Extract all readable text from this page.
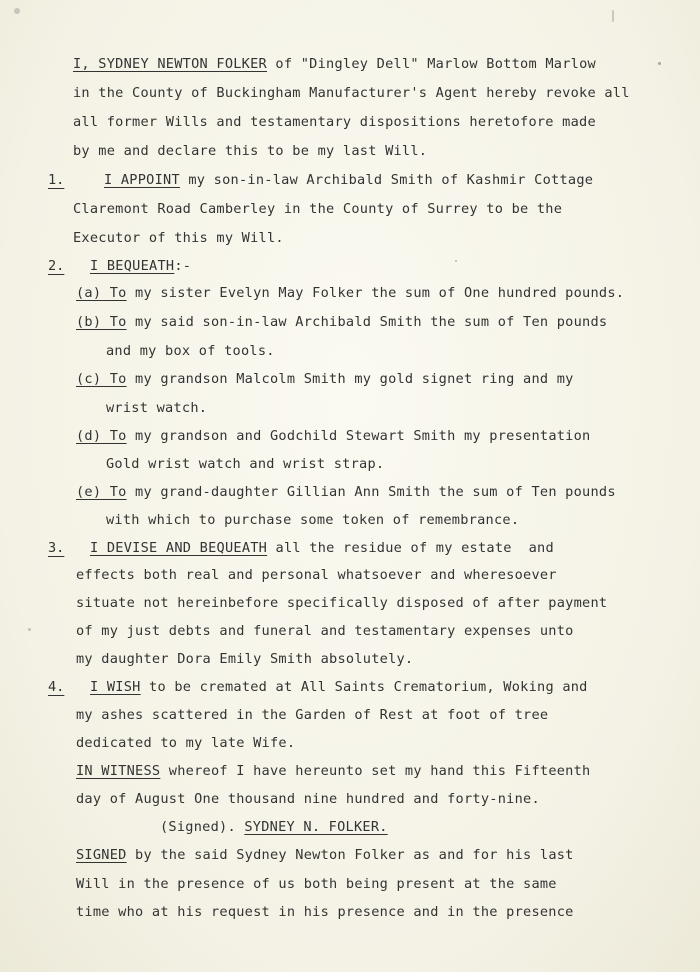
I, SYDNEY NEWTON FOLKER of "Dingley Dell" Marlow Bottom Marlow
in the County of Buckingham Manufacturer's Agent hereby revoke all
all former Wills and testamentary dispositions heretofore made
by me and declare this to be my last Will.
1.	I APPOINT my son-in-law Archibald Smith of Kashmir Cottage
Claremont Road Camberley in the County of Surrey to be the
Executor of this my Will.
2. I BEQUEATH:-
(a) To my sister Evelyn May Folker the sum of One hundred pounds.
(b) To my said son-in-law Archibald Smith the sum of Ten pounds
and my box of tools.
(c) To my grandson Malcolm Smith my gold signet ring and my
wrist watch.
(d) To my grandson and Godchild Stewart Smith my presentation
Gold wrist watch and wrist strap.
(e) To my grand-daughter Gillian Ann Smith the sum of Ten pounds
with which to purchase some token of remembrance.
3. I DEVISE AND BEQUEATH all the residue of my estate  and
effects both real and personal whatsoever and wheresoever
situate not hereinbefore specifically disposed of after payment
of my just debts and funeral and testamentary expenses unto
my daughter Dora Emily Smith absolutely.
4. I WISH to be cremated at All Saints Crematorium, Woking and
my ashes scattered in the Garden of Rest at foot of tree
dedicated to my late Wife.
IN WITNESS whereof I have hereunto set my hand this Fifteenth
day of August One thousand nine hundred and forty-nine.
(Signed). SYDNEY N. FOLKER.
SIGNED by the said Sydney Newton Folker as and for his last
Will in the presence of us both being present at the same
time who at his request in his presence and in the presence
